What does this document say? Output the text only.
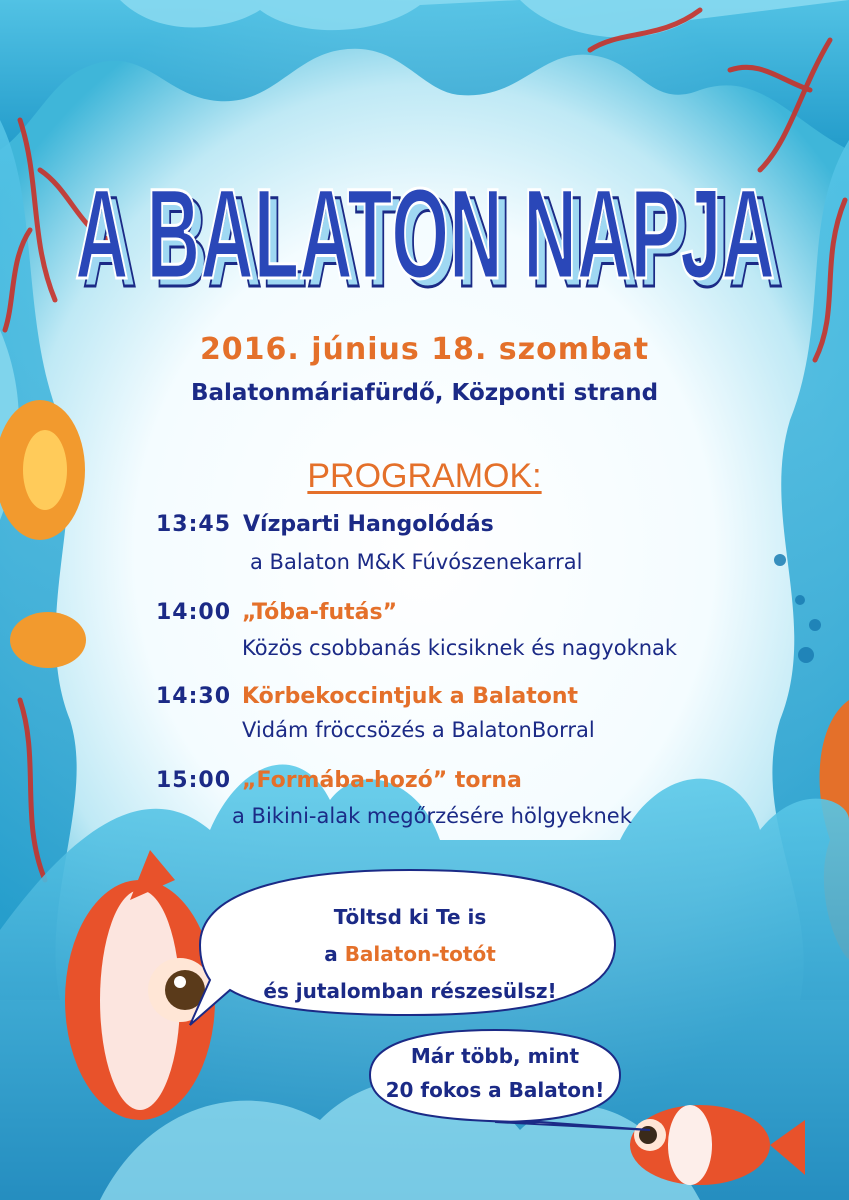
A BALATON NAPJA
A BALATON NAPJA
2016. június 18. szombat
Balatonmáriafürdő, Központi strand
PROGRAMOK:
13:45 Vízparti Hangolódás
a Balaton M&K Fúvószenekarral
14:00 „Tóba-futás”
Közös csobbanás kicsiknek és nagyoknak
14:30 Körbekoccintjuk a Balatont
Vidám fröccsözés a BalatonBorral
15:00 „Formába-hozó” torna
a Bikini-alak megőrzésére hölgyeknek
Töltsd ki Te is
a Balaton-totót
és jutalomban részesülsz!
Már több, mint
20 fokos a Balaton!
